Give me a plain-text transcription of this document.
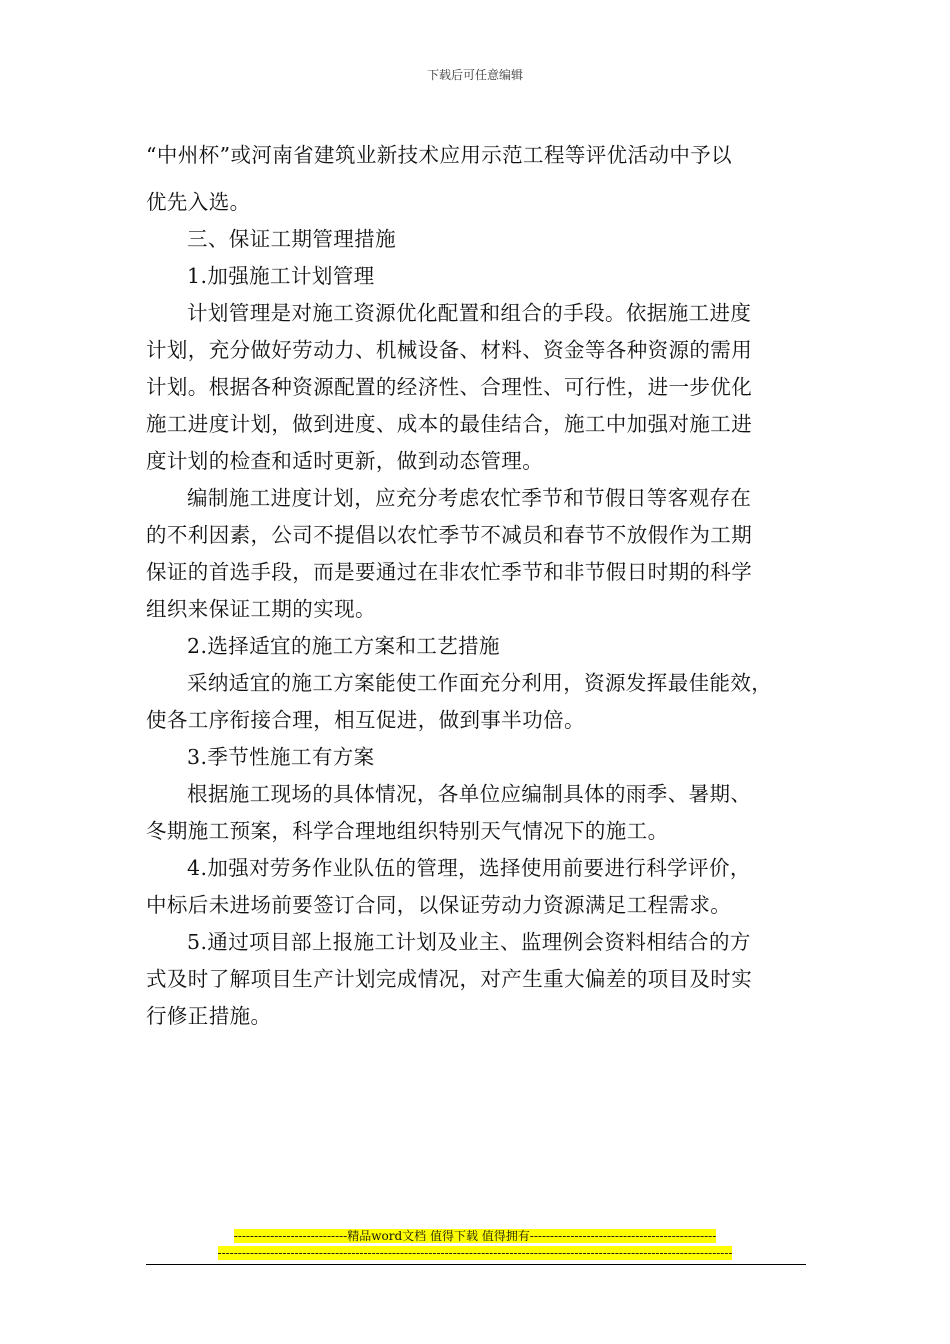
下载后可任意编辑
“中州杯”或河南省建筑业新技术应用示范工程等评优活动中予以
优先入选。
三、保证工期管理措施
1.加强施工计划管理
计划管理是对施工资源优化配置和组合的手段。依据施工进度
计划，充分做好劳动力、机械设备、材料、资金等各种资源的需用
计划。根据各种资源配置的经济性、合理性、可行性，进一步优化
施工进度计划，做到进度、成本的最佳结合，施工中加强对施工进
度计划的检查和适时更新，做到动态管理。
编制施工进度计划，应充分考虑农忙季节和节假日等客观存在
的不利因素，公司不提倡以农忙季节不减员和春节不放假作为工期
保证的首选手段，而是要通过在非农忙季节和非节假日时期的科学
组织来保证工期的实现。
2.选择适宜的施工方案和工艺措施
采纳适宜的施工方案能使工作面充分利用，资源发挥最佳能效，
使各工序衔接合理，相互促进，做到事半功倍。
3.季节性施工有方案
根据施工现场的具体情况，各单位应编制具体的雨季、暑期、
冬期施工预案，科学合理地组织特别天气情况下的施工。
4.加强对劳务作业队伍的管理，选择使用前要进行科学评价，
中标后未进场前要签订合同，以保证劳动力资源满足工程需求。
5.通过项目部上报施工计划及业主、监理例会资料相结合的方
式及时了解项目生产计划完成情况，对产生重大偏差的项目及时实
行修正措施。
----------------------------精品word文档 值得下载 值得拥有----------------------------------------------
-------------------------------------------------------------------------------------------------------------------------------
